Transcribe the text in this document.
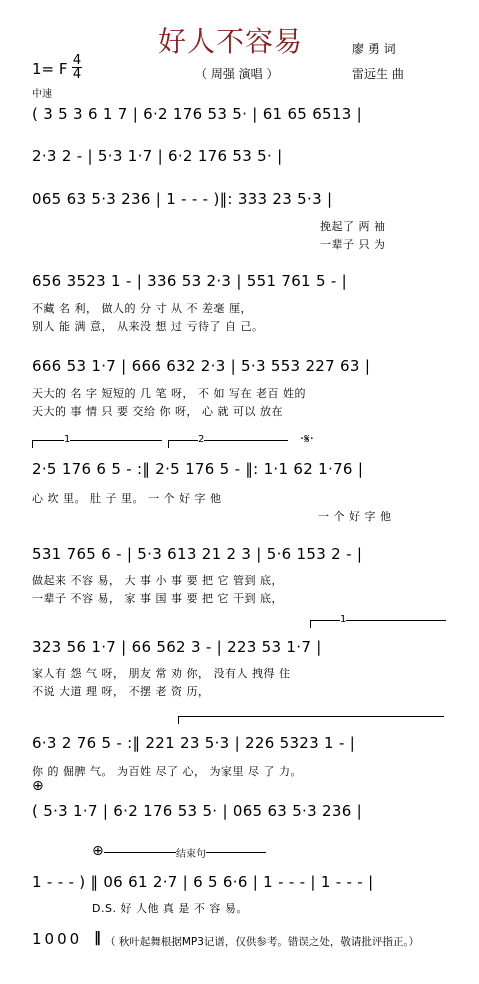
好人不容易	廖 勇 词
（ 周强 演唱 ）	雷远生 曲
1= F 4
4
中速
( 3 5 3 6 1 7 | 6·2 176 53 5· | 61 65 6513 |
2·3 2 - | 5·3 1·7 | 6·2 176 53 5· |
065 63 5·3 236 | 1 - - - )‖: 333 23 5·3 |
挽起了 两 袖
一辈子 只 为
656 3523 1 - | 336 53 2·3 | 551 761 5 - |
不藏 名 利， 做人的 分 寸 从 不 差毫 厘，
别人 能 满 意， 从来没 想 过 亏待了 自 己。
666 53 1·7 | 666 632 2·3 | 5·3 553 227 63 |
天大的 名 字 短短的 几 笔 呀， 不 如 写在 老百 姓的
天大的 事 情 只 要 交给 你 呀， 心 就 可以 放在
1	2	·𝄋·
2·5 176 6 5 - :‖ 2·5 176 5 - ‖: 1·1 62 1·76 |
心 坎 里。 肚 子 里。 一 个 好 字 他
一 个 好 字 他
531 765 6 - | 5·3 613 21 2 3 | 5·6 153 2 - |
做起来 不容 易， 大 事 小 事 要 把 它 管到 底，
一辈子 不容 易， 家 事 国 事 要 把 它 干到 底，
1
323 56 1·7 | 66 562 3 - | 223 53 1·7 |
家人有 怨 气 呀， 朋友 常 劝 你， 没有人 拽得 住
不说 大道 理 呀， 不摆 老 资 历，
6·3 2 76 5 - :‖ 221 23 5·3 | 226 5323 1 - |
你 的 倔脾 气。 为百姓 尽了 心， 为家里 尽 了 力。
⊕
( 5·3 1·7 | 6·2 176 53 5· | 065 63 5·3 236 |
⊕	结束句
1 - - - ) ‖ 06 61 2·7 | 6 5 6·6 | 1 - - - | 1 - - - |
D.S. 好 人他 真 是 不 容 易。
1000 ‖ （ 秋叶起舞根据MP3记谱，仅供参考。错误之处，敬请批评指正。）
